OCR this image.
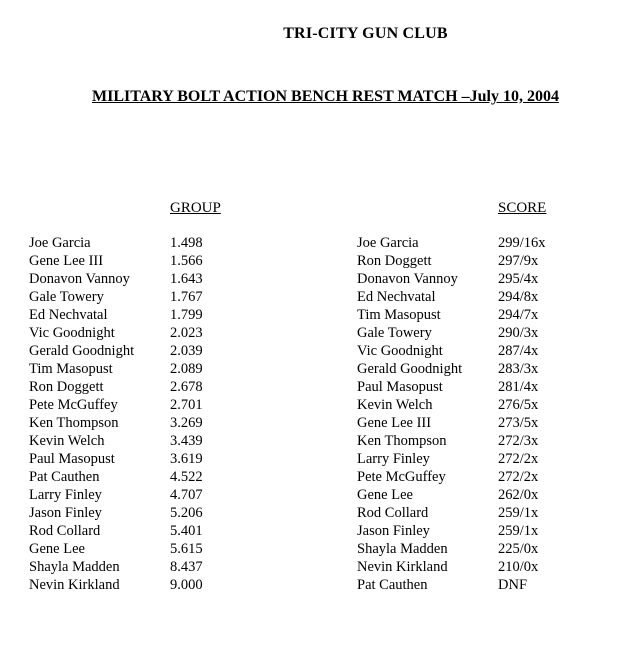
TRI-CITY GUN CLUB
MILITARY BOLT ACTION BENCH REST MATCH –July 10, 2004
GROUP	SCORE
Joe Garcia	1.498
Gene Lee III	1.566
Donavon Vannoy	1.643
Gale Towery	1.767
Ed Nechvatal	1.799
Vic Goodnight	2.023
Gerald Goodnight 2.039
Tim Masopust	2.089
Ron Doggett	2.678
Pete McGuffey	2.701
Ken Thompson	3.269
Kevin Welch	3.439
Paul Masopust	3.619
Pat Cauthen	4.522
Larry Finley	4.707
Jason Finley	5.206
Rod Collard	5.401
Gene Lee	5.615
Shayla Madden	8.437
Nevin Kirkland	9.000
Joe Garcia	299/16x
Ron Doggett	297/9x
Donavon Vannoy	295/4x
Ed Nechvatal	294/8x
Tim Masopust	294/7x
Gale Towery	290/3x
Vic Goodnight	287/4x
Gerald Goodnight 283/3x
Paul Masopust	281/4x
Kevin Welch	276/5x
Gene Lee III	273/5x
Ken Thompson	272/3x
Larry Finley	272/2x
Pete McGuffey	272/2x
Gene Lee	262/0x
Rod Collard	259/1x
Jason Finley	259/1x
Shayla Madden	225/0x
Nevin Kirkland	210/0x
Pat Cauthen	DNF
